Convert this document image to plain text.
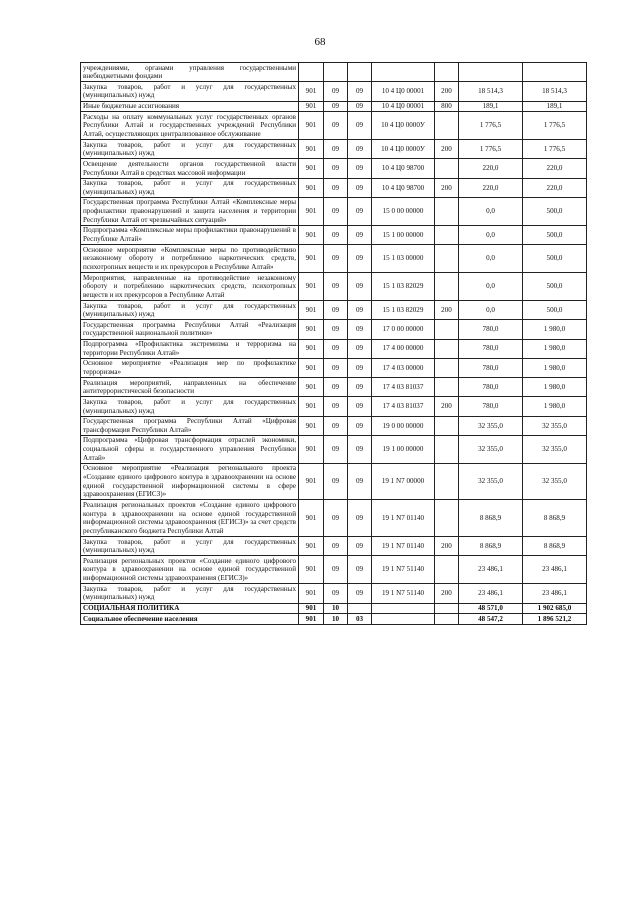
68
учреждениями, органами управления государственными внебюджетными фондами							
Закупка товаров, работ и услуг для государственных (муниципальных) нужд	901	09	09	10 4 Ц0 00001	200	18 514,3	18 514,3
Иные бюджетные ассигнования	901	09	09	10 4 Ц0 00001	800	189,1	189,1
Расходы на оплату коммунальных услуг государственных органов Республики Алтай и государственных учреждений Республики Алтай, осуществляющих централизованное обслуживание	901	09	09	10 4 Ц0 0000У		1 776,5	1 776,5
Закупка товаров, работ и услуг для государственных (муниципальных) нужд	901	09	09	10 4 Ц0 0000У	200	1 776,5	1 776,5
Освещение деятельности органов государственной власти Республики Алтай в средствах массовой информации	901	09	09	10 4 Ц0 98700		220,0	220,0
Закупка товаров, работ и услуг для государственных (муниципальных) нужд	901	09	09	10 4 Ц0 98700	200	220,0	220,0
Государственная программа Республики Алтай «Комплексные меры профилактики правонарушений и защита населения и территории Республики Алтай от чрезвычайных ситуаций»	901	09	09	15 0 00 00000		0,0	500,0
Подпрограмма «Комплексные меры профилактики правонарушений в Республике Алтай»	901	09	09	15 1 00 00000		0,0	500,0
Основное мероприятие «Комплексные меры по противодействию незаконному обороту и потреблению наркотических средств, психотропных веществ и их прекурсоров в Республике Алтай»	901	09	09	15 1 03 00000		0,0	500,0
Мероприятия, направленные на противодействие незаконному обороту и потреблению наркотических средств, психотропных веществ и их прекурсоров в Республике Алтай	901	09	09	15 1 03 82029		0,0	500,0
Закупка товаров, работ и услуг для государственных (муниципальных) нужд	901	09	09	15 1 03 82029	200	0,0	500,0
Государственная программа Республики Алтай «Реализация государственной национальной политики»	901	09	09	17 0 00 00000		780,0	1 980,0
Подпрограмма «Профилактика экстремизма и терроризма на территории Республики Алтай»	901	09	09	17 4 00 00000		780,0	1 980,0
Основное мероприятие «Реализация мер по профилактике терроризма»	901	09	09	17 4 03 00000		780,0	1 980,0
Реализация мероприятий, направленных на обеспечение антитеррористической безопасности	901	09	09	17 4 03 81037		780,0	1 980,0
Закупка товаров, работ и услуг для государственных (муниципальных) нужд	901	09	09	17 4 03 81037	200	780,0	1 980,0
Государственная программа Республики Алтай «Цифровая трансформация Республики Алтай»	901	09	09	19 0 00 00000		32 355,0	32 355,0
Подпрограмма «Цифровая трансформация отраслей экономики, социальной сферы и государственного управления Республики Алтай»	901	09	09	19 1 00 00000		32 355,0	32 355,0
Основное мероприятие «Реализация регионального проекта «Создание единого цифрового контура в здравоохранении на основе единой государственной информационной системы в сфере здравоохранения (ЕГИСЗ)»	901	09	09	19 1 N7 00000		32 355,0	32 355,0
Реализация региональных проектов «Создание единого цифрового контура в здравоохранении на основе единой государственной информационной системы здравоохранения (ЕГИСЗ)» за счет средств республиканского бюджета Республики Алтай	901	09	09	19 1 N7 01140		8 868,9	8 868,9
Закупка товаров, работ и услуг для государственных (муниципальных) нужд	901	09	09	19 1 N7 01140	200	8 868,9	8 868,9
Реализация региональных проектов «Создание единого цифрового контура в здравоохранении на основе единой государственной информационной системы здравоохранения (ЕГИСЗ)»	901	09	09	19 1 N7 51140		23 486,1	23 486,1
Закупка товаров, работ и услуг для государственных (муниципальных) нужд	901	09	09	19 1 N7 51140	200	23 486,1	23 486,1
СОЦИАЛЬНАЯ ПОЛИТИКА	901	10				48 571,0	1 902 685,0
Социальное обеспечение населения	901	10	03			48 547,2	1 896 521,2
